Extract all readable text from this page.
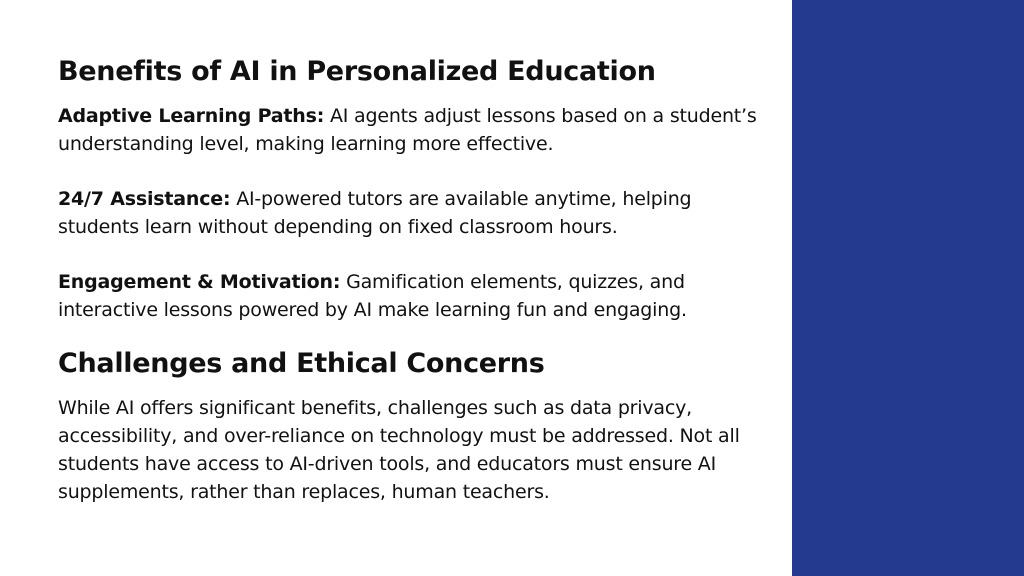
Benefits of AI in Personalized Education

Adaptive Learning Paths: AI agents adjust lessons based on a student’s understanding level, making learning more effective.

24/7 Assistance: AI-powered tutors are available anytime, helping students learn without depending on fixed classroom hours.

Engagement & Motivation: Gamification elements, quizzes, and interactive lessons powered by AI make learning fun and engaging.

Challenges and Ethical Concerns

While AI offers significant benefits, challenges such as data privacy, accessibility, and over-reliance on technology must be addressed. Not all students have access to AI-driven tools, and educators must ensure AI supplements, rather than replaces, human teachers.
